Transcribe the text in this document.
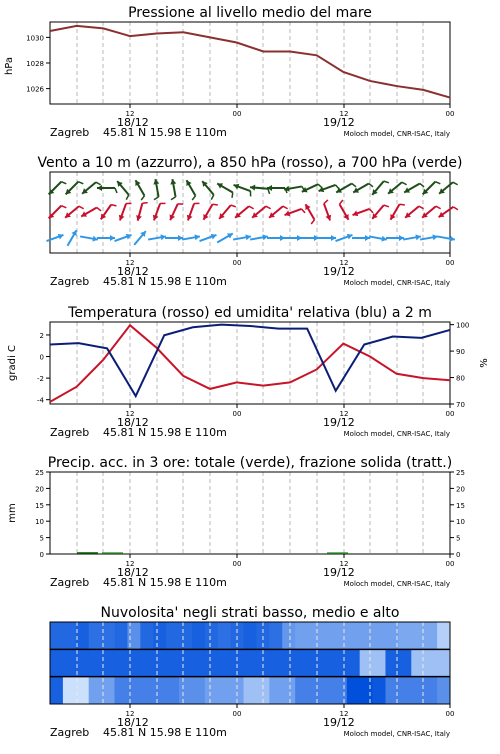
12	00	12	00
Pressione al livello medio del mare
18/12	19/12
Zagreb 45.81 N 15.98 E 110m	Moloch model, CNR-ISAC, Italy
1026
1028
1030
hPa
12	00	12	00
Vento a 10 m (azzurro), a 850 hPa (rosso), a 700 hPa (verde)
18/12	19/12
Zagreb 45.81 N 15.98 E 110m	Moloch model, CNR-ISAC, Italy
12	00	12	00
Temperatura (rosso) ed umidita' relativa (blu) a 2 m
18/12	19/12
Zagreb 45.81 N 15.98 E 110m	Moloch model, CNR-ISAC, Italy
-4
-2
0
2
70
80
90
100
gradi C	%
12	00	12	00
Precip. acc. in 3 ore: totale (verde), frazione solida (tratt.)
18/12	19/12
Zagreb 45.81 N 15.98 E 110m	Moloch model, CNR-ISAC, Italy
0	0
5	5
10	10
15	15
20	20
25	25
mm
12	00	12	00
Nuvolosita' negli strati basso, medio e alto
18/12	19/12
Zagreb 45.81 N 15.98 E 110m	Moloch model, CNR-ISAC, Italy
